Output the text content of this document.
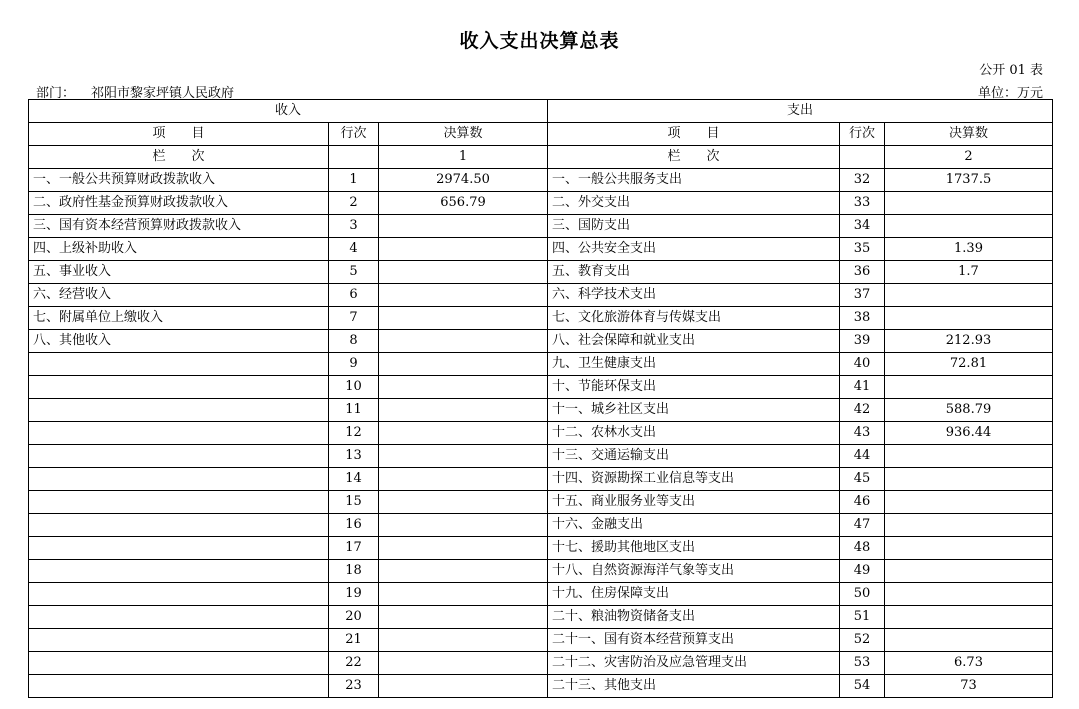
收入支出决算总表
公开 01 表
部门： 祁阳市黎家坪镇人民政府	单位：万元
收入			支出		
项　　目	行次	决算数	项　　目	行次	决算数
栏　　次		1	栏　　次		2
一、一般公共预算财政拨款收入	1	2974.50	一、一般公共服务支出	32	1737.5
二、政府性基金预算财政拨款收入	2	656.79	二、外交支出	33	
三、国有资本经营预算财政拨款收入	3		三、国防支出	34	
四、上级补助收入	4		四、公共安全支出	35	1.39
五、事业收入	5		五、教育支出	36	1.7
六、经营收入	6		六、科学技术支出	37	
七、附属单位上缴收入	7		七、文化旅游体育与传媒支出	38	
八、其他收入	8		八、社会保障和就业支出	39	212.93
	9		九、卫生健康支出	40	72.81
	10		十、节能环保支出	41	
	11		十一、城乡社区支出	42	588.79
	12		十二、农林水支出	43	936.44
	13		十三、交通运输支出	44	
	14		十四、资源勘探工业信息等支出	45	
	15		十五、商业服务业等支出	46	
	16		十六、金融支出	47	
	17		十七、援助其他地区支出	48	
	18		十八、自然资源海洋气象等支出	49	
	19		十九、住房保障支出	50	
	20		二十、粮油物资储备支出	51	
	21		二十一、国有资本经营预算支出	52	
	22		二十二、灾害防治及应急管理支出	53	6.73
	23		二十三、其他支出	54	73
